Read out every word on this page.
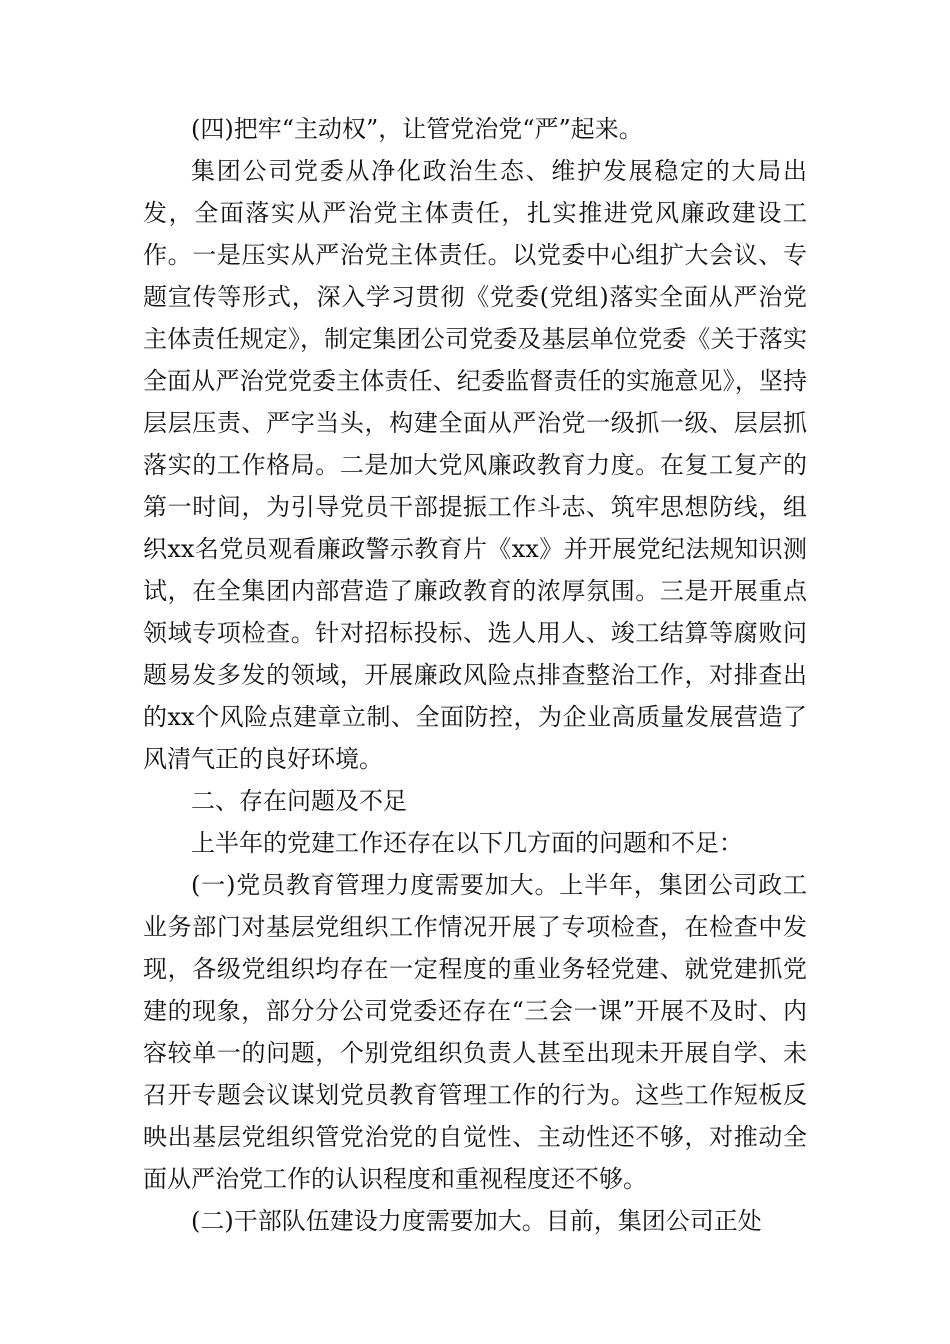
(四)把牢“主动权”，让管党治党“严”起来。

集团公司党委从净化政治生态、维护发展稳定的大局出发，全面落实从严治党主体责任，扎实推进党风廉政建设工作。一是压实从严治党主体责任。以党委中心组扩大会议、专题宣传等形式，深入学习贯彻《党委(党组)落实全面从严治党主体责任规定》，制定集团公司党委及基层单位党委《关于落实全面从严治党党委主体责任、纪委监督责任的实施意见》，坚持层层压责、严字当头，构建全面从严治党一级抓一级、层层抓落实的工作格局。二是加大党风廉政教育力度。在复工复产的第一时间，为引导党员干部提振工作斗志、筑牢思想防线，组织xx名党员观看廉政警示教育片《xx》并开展党纪法规知识测试，在全集团内部营造了廉政教育的浓厚氛围。三是开展重点领域专项检查。针对招标投标、选人用人、竣工结算等腐败问题易发多发的领域，开展廉政风险点排查整治工作，对排查出的xx个风险点建章立制、全面防控，为企业高质量发展营造了风清气正的良好环境。

二、存在问题及不足

上半年的党建工作还存在以下几方面的问题和不足：

(一)党员教育管理力度需要加大。上半年，集团公司政工业务部门对基层党组织工作情况开展了专项检查，在检查中发现，各级党组织均存在一定程度的重业务轻党建、就党建抓党建的现象，部分分公司党委还存在“三会一课”开展不及时、内容较单一的问题，个别党组织负责人甚至出现未开展自学、未召开专题会议谋划党员教育管理工作的行为。这些工作短板反映出基层党组织管党治党的自觉性、主动性还不够，对推动全面从严治党工作的认识程度和重视程度还不够。

(二)干部队伍建设力度需要加大。目前，集团公司正处
